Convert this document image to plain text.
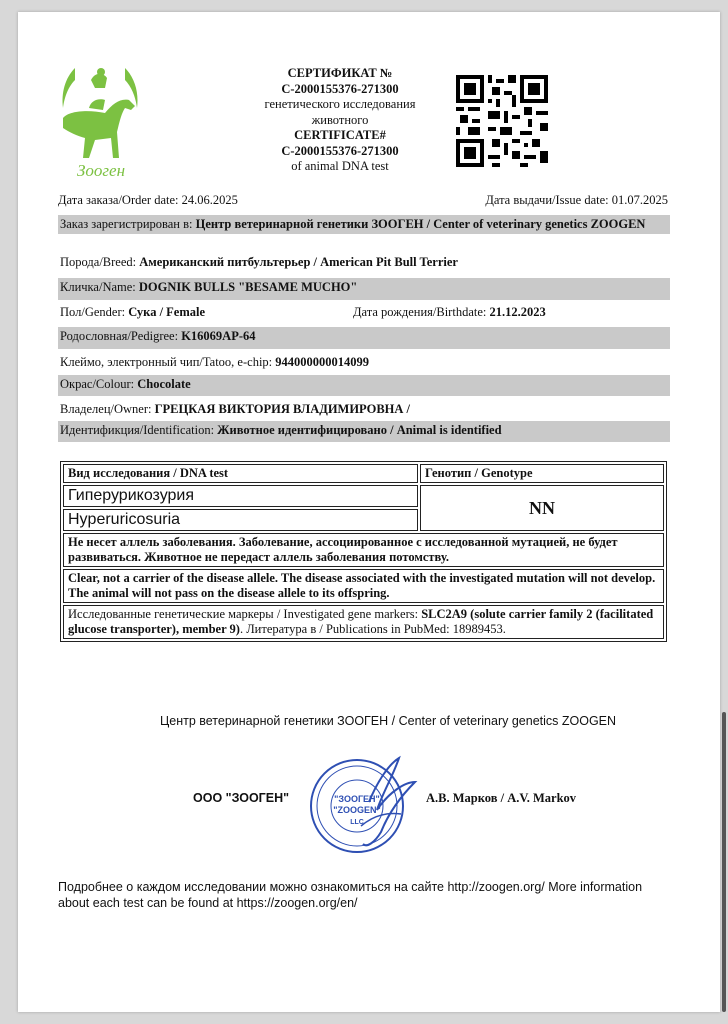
Зооген
СЕРТИФИКАТ №
C-2000155376-271300
генетического исследования
животного
CERTIFICATE#
C-2000155376-271300
of animal DNA test
Дата заказа/Order date: 24.06.2025	Дата выдачи/Issue date: 01.07.2025
Заказ зарегистрирован в: Центр ветеринарной генетики ЗООГЕН / Center of veterinary genetics ZOOGEN
Порода/Breed: Американский питбультерьер / American Pit Bull Terrier
Кличка/Name: DOGNIK BULLS "BESAME MUCHO"
Пол/Gender: Сука / Female	Дата рождения/Birthdate: 21.12.2023
Родословная/Pedigree: K16069AP-64
Клеймо, электронный чип/Tatoo, e-chip: 944000000014099
Окрас/Colour: Chocolate
Владелец/Owner: ГРЕЦКАЯ ВИКТОРИЯ ВЛАДИМИРОВНА /
Идентификция/Identification: Животное идентифицировано / Animal is identified
Вид исследования / DNA test	Генотип / Genotype
Гиперурикозурия	NN
Hyperuricosuria	
Не несет аллель заболевания. Заболевание, ассоциированное с исследованной мутацией, не будет развиваться. Животное не передаст аллель заболевания потомству.	
Clear, not a carrier of the disease allele. The disease associated with the investigated mutation will not develop. The animal will not pass on the disease allele to its offspring.	
Исследованные генетические маркеры / Investigated gene markers: SLC2A9 (solute carrier family 2 (facilitated glucose transporter), member 9). Литература в / Publications in PubMed: 18989453.	
Центр ветеринарной генетики ЗООГЕН / Center of veterinary genetics ZOOGEN
ООО "ЗООГЕН"	"ЗООГЕН"
"ZOOGEN"
LLC
А.В. Марков / A.V. Markov
Подробнее о каждом исследовании можно ознакомиться на сайте http://zoogen.org/ More information about each test can be found at https://zoogen.org/en/
